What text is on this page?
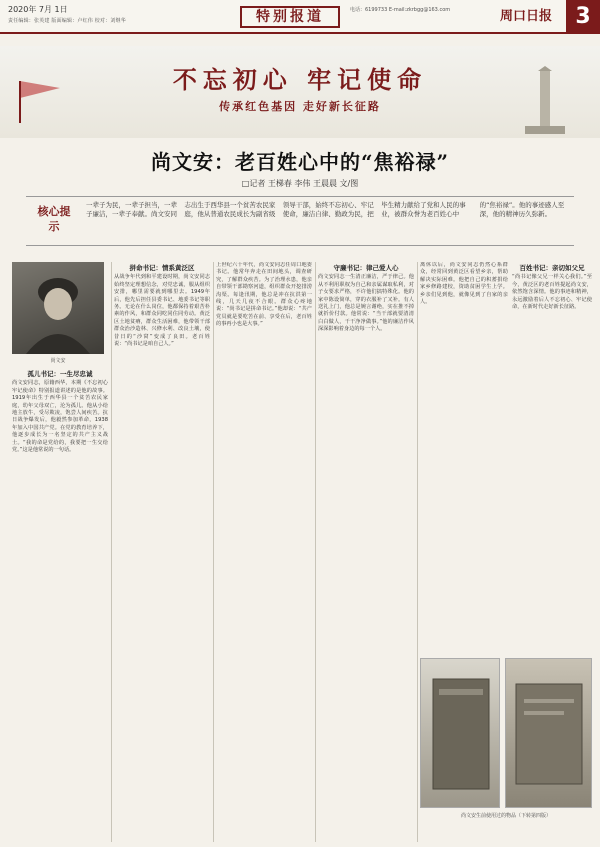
2020年 7月 1日
责任编辑：张英建 版面编辑：卢红伟 校对：刘继华	特别报道	电话：6199733 E-mail:zkrbgg@163.com	周口日报	3
不忘初心 牢记使命
传承红色基因 走好新长征路
尚文安：老百姓心中的“焦裕禄”
□记者 王梯春 李伟 王晨晨 文/图
核心提示
一辈子为民，一辈子担当，一辈子廉洁，一辈子奉献。尚文安同志出生于西华县一个贫苦农民家庭，他从普通农民成长为副省级领导干部，始终不忘初心、牢记使命，廉洁自律、勤政为民，把毕生精力献给了党和人民的事业，被群众誉为老百姓心中的“焦裕禄”。他的事迹感人至深，他的精神历久弥新。
尚文安
孤儿书记：一生尽忠诚
尚文安同志，原籍西华，本期《不忘初心 牢记使命》特别报道讲述的是他的故事。1919年出生于西华县一个贫苦农民家庭，幼年父母双亡，沦为孤儿。他从小给地主放牛，受尽欺凌，饱尝人间疾苦。抗日战争爆发后，他毅然参加革命，1938年加入中国共产党。在党的教育培养下，他逐步成长为一名坚定的共产主义战士。“我的命是党给的，我要把一生交给党。”这是他常说的一句话。
拼命书记：情系黄泛区
从战争年代到和平建设时期，尚文安同志始终坚定理想信念，对党忠诚，服从组织安排，哪里需要就到哪里去。1949年后，他先后担任县委书记、地委书记等职务。无论在什么岗位，他都保持着艰苦朴素的作风，和群众同吃同住同劳动。黄泛区土地贫瘠，群众生活困难，他带领干部群众治沙造林、兴修水利、改良土壤，使昔日的“沙窝”变成了良田。老百姓说：“尚书记是咱自己人。”
上世纪六十年代，尚文安同志任周口地委书记。他常年奔走在田间地头，调查研究，了解群众疾苦。为了治理水患，他亲自带领干部勘察河道，组织群众开挖排涝沟渠。每逢汛期，他总是冲在抗洪第一线，几天几夜不合眼。群众心疼地说：“尚书记是拼命书记。”他却说：“共产党员就是要吃苦在前、享受在后，老百姓的事再小也是大事。”
守廉书记：律己爱人心
尚文安同志一生清正廉洁，严于律己。他从不利用职权为自己和亲属谋取私利，对子女要求严格，不许他们搞特殊化。他的家中陈设简单，穿的衣服补了又补。有人送礼上门，他总是婉言谢绝，实在推不掉就折价付款。他常说：“当干部就要清清白白做人，干干净净做事。”他的廉洁作风深深影响着身边的每一个人。
离休以后，尚文安同志仍然心系群众，经常回到黄泛区看望乡亲，帮助解决实际困难。他把自己的积蓄捐给家乡修路建校，资助贫困学生上学。乡亲们见到他，就像见到了自家的亲人。
百姓书记：亲切如父兄
“尚书记像父兄一样关心我们。”至今，黄泛区的老百姓提起尚文安，依然饱含深情。他的事迹和精神，永远激励着后人不忘初心、牢记使命，在新时代走好新长征路。
尚文安生前使用过的物品（下转第四版）
